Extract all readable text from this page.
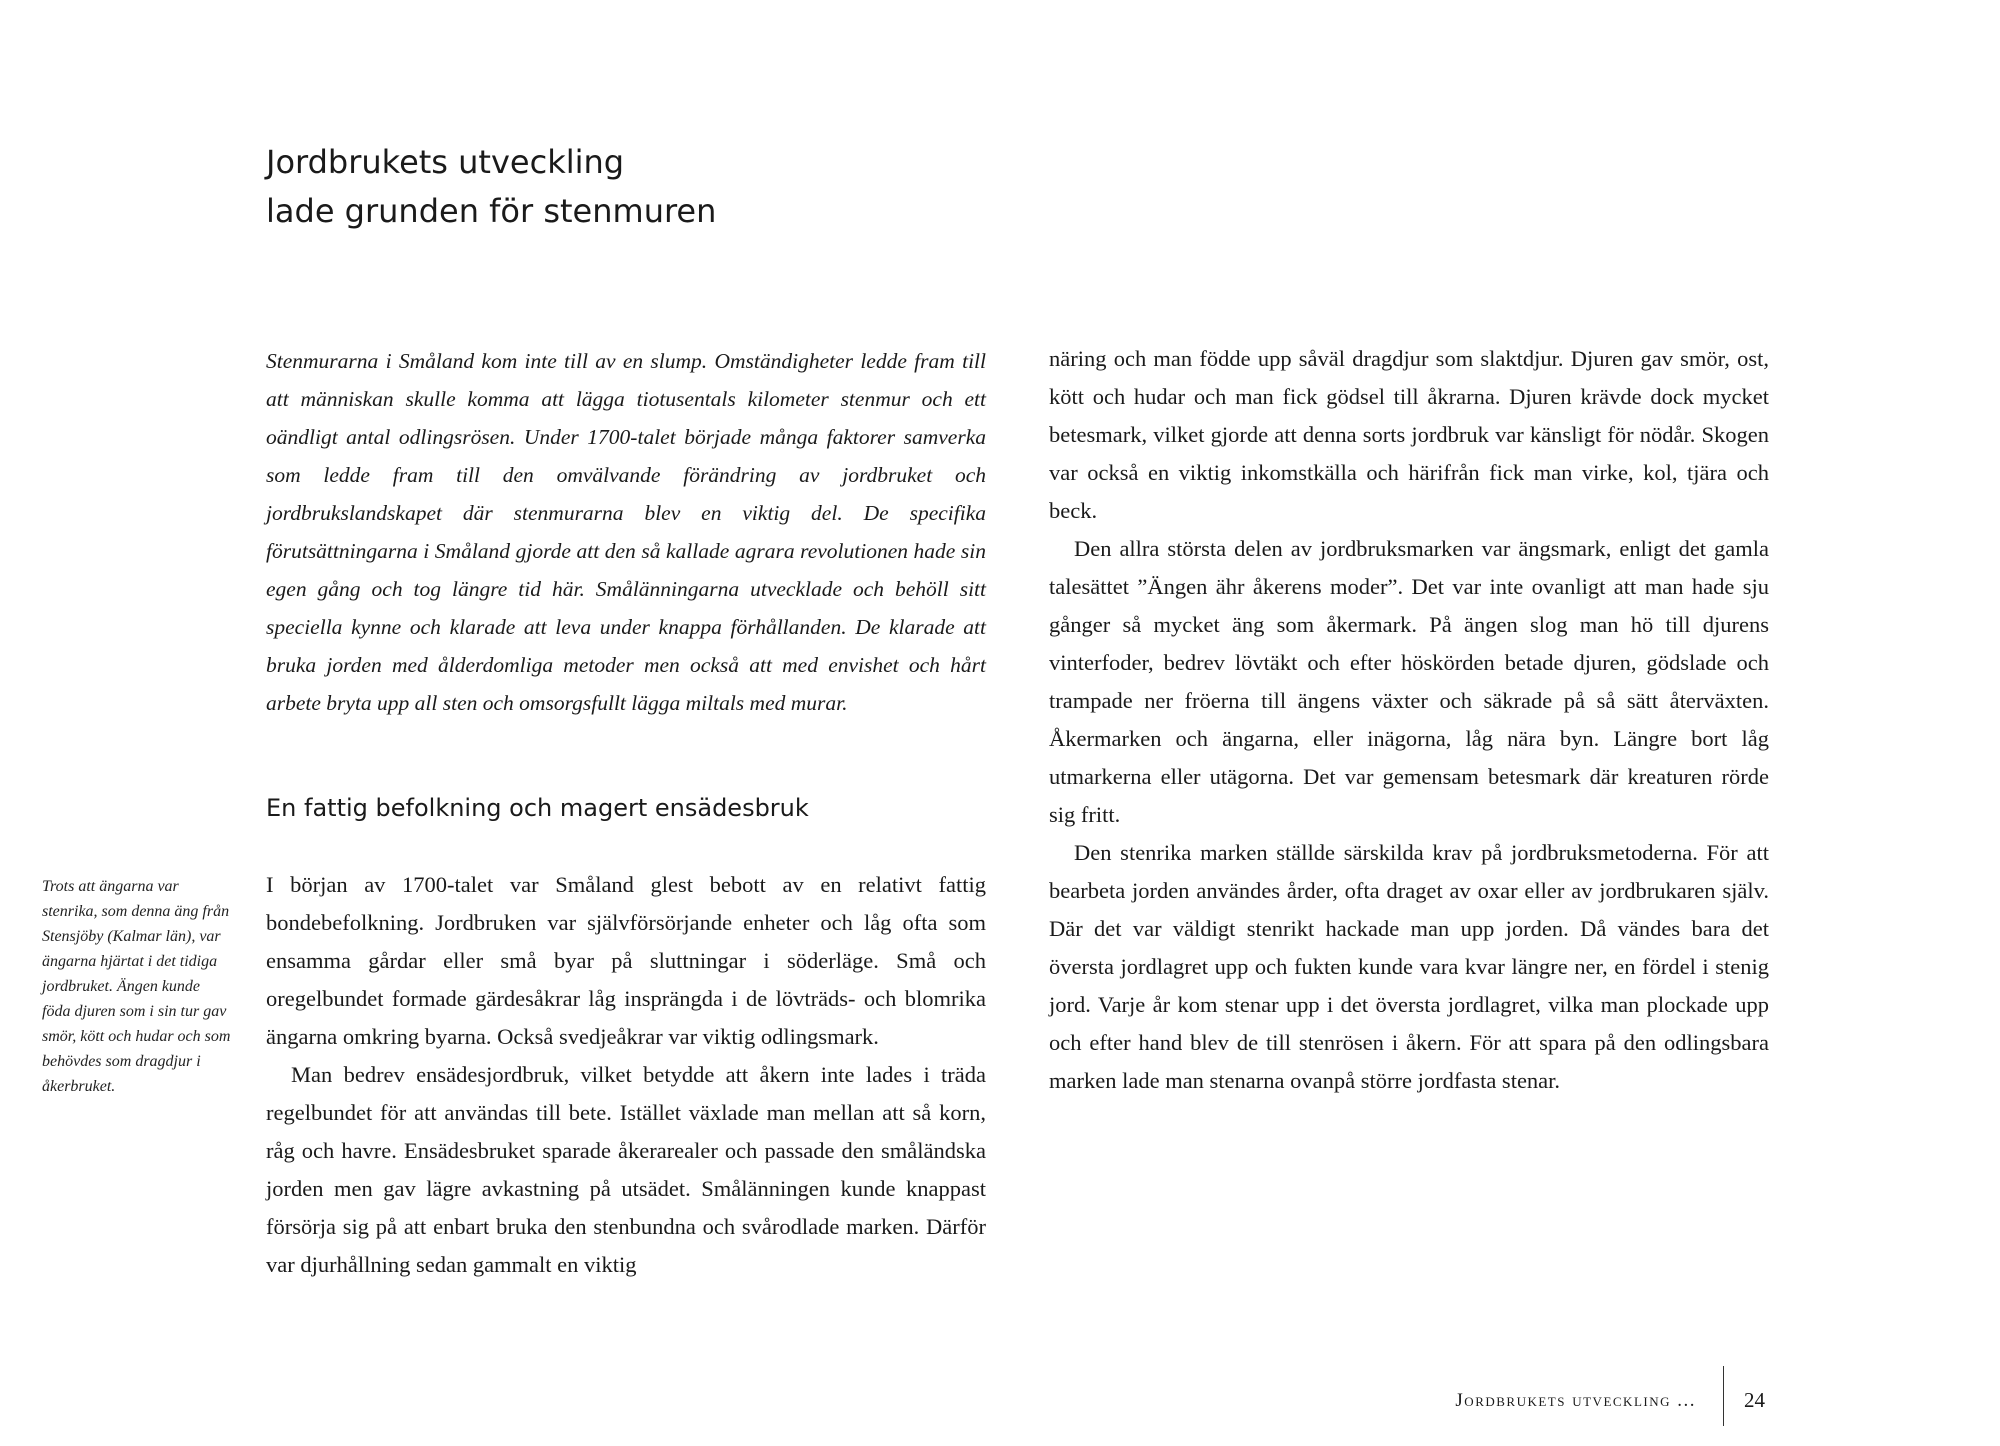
Jordbrukets utveckling
lade grunden för stenmuren

Stenmurarna i Småland kom inte till av en slump. Omständigheter ledde fram till att människan skulle komma att lägga tiotusentals kilometer stenmur och ett oändligt antal odlingsrösen. Under 1700-talet började många faktorer samverka som ledde fram till den omvälvande förändring av jordbruket och jordbrukslandskapet där stenmurarna blev en viktig del. De specifika förutsättningarna i Småland gjorde att den så kallade agrara revolutionen hade sin egen gång och tog längre tid här. Smålänningarna utvecklade och behöll sitt speciella kynne och klarade att leva under knappa förhållanden. De klarade att bruka jorden med ålderdomliga metoder men också att med envishet och hårt arbete bryta upp all sten och omsorgsfullt lägga miltals med murar.

En fattig befolkning och magert ensädesbruk

I början av 1700-talet var Småland glest bebott av en relativt fattig bondebefolkning. Jordbruken var självförsörjande enheter och låg ofta som ensamma gårdar eller små byar på sluttningar i söderläge. Små och oregelbundet formade gärdesåkrar låg insprängda i de lövträds- och blomrika ängarna omkring byarna. Också svedjeåkrar var viktig odlingsmark.

Man bedrev ensädesjordbruk, vilket betydde att åkern inte lades i träda regelbundet för att användas till bete. Istället växlade man mellan att så korn, råg och havre. Ensädesbruket sparade åkerarealer och passade den småländska jorden men gav lägre avkastning på utsädet. Smålänningen kunde knappast försörja sig på att enbart bruka den stenbundna och svårodlade marken. Därför var djurhållning sedan gammalt en viktig

näring och man födde upp såväl dragdjur som slaktdjur. Djuren gav smör, ost, kött och hudar och man fick gödsel till åkrarna. Djuren krävde dock mycket betesmark, vilket gjorde att denna sorts jordbruk var känsligt för nödår. Skogen var också en viktig inkomstkälla och härifrån fick man virke, kol, tjära och beck.

Den allra största delen av jordbruksmarken var ängsmark, enligt det gamla talesättet ”Ängen ähr åkerens moder”. Det var inte ovanligt att man hade sju gånger så mycket äng som åkermark. På ängen slog man hö till djurens vinterfoder, bedrev lövtäkt och efter höskörden betade djuren, gödslade och trampade ner fröerna till ängens växter och säkrade på så sätt återväxten. Åkermarken och ängarna, eller inägorna, låg nära byn. Längre bort låg utmarkerna eller utägorna. Det var gemensam betesmark där kreaturen rörde sig fritt.

Den stenrika marken ställde särskilda krav på jordbruksmetoderna. För att bearbeta jorden användes årder, ofta draget av oxar eller av jordbrukaren själv. Där det var väldigt stenrikt hackade man upp jorden. Då vändes bara det översta jordlagret upp och fukten kunde vara kvar längre ner, en fördel i stenig jord. Varje år kom stenar upp i det översta jordlagret, vilka man plockade upp och efter hand blev de till stenrösen i åkern. För att spara på den odlingsbara marken lade man stenarna ovanpå större jordfasta stenar.

Trots att ängarna var stenrika, som denna äng från Stensjöby (Kalmar län), var ängarna hjärtat i det tidiga jordbruket. Ängen kunde föda djuren som i sin tur gav smör, kött och hudar och som behövdes som dragdjur i åkerbruket.
Jordbrukets utveckling ... 24
